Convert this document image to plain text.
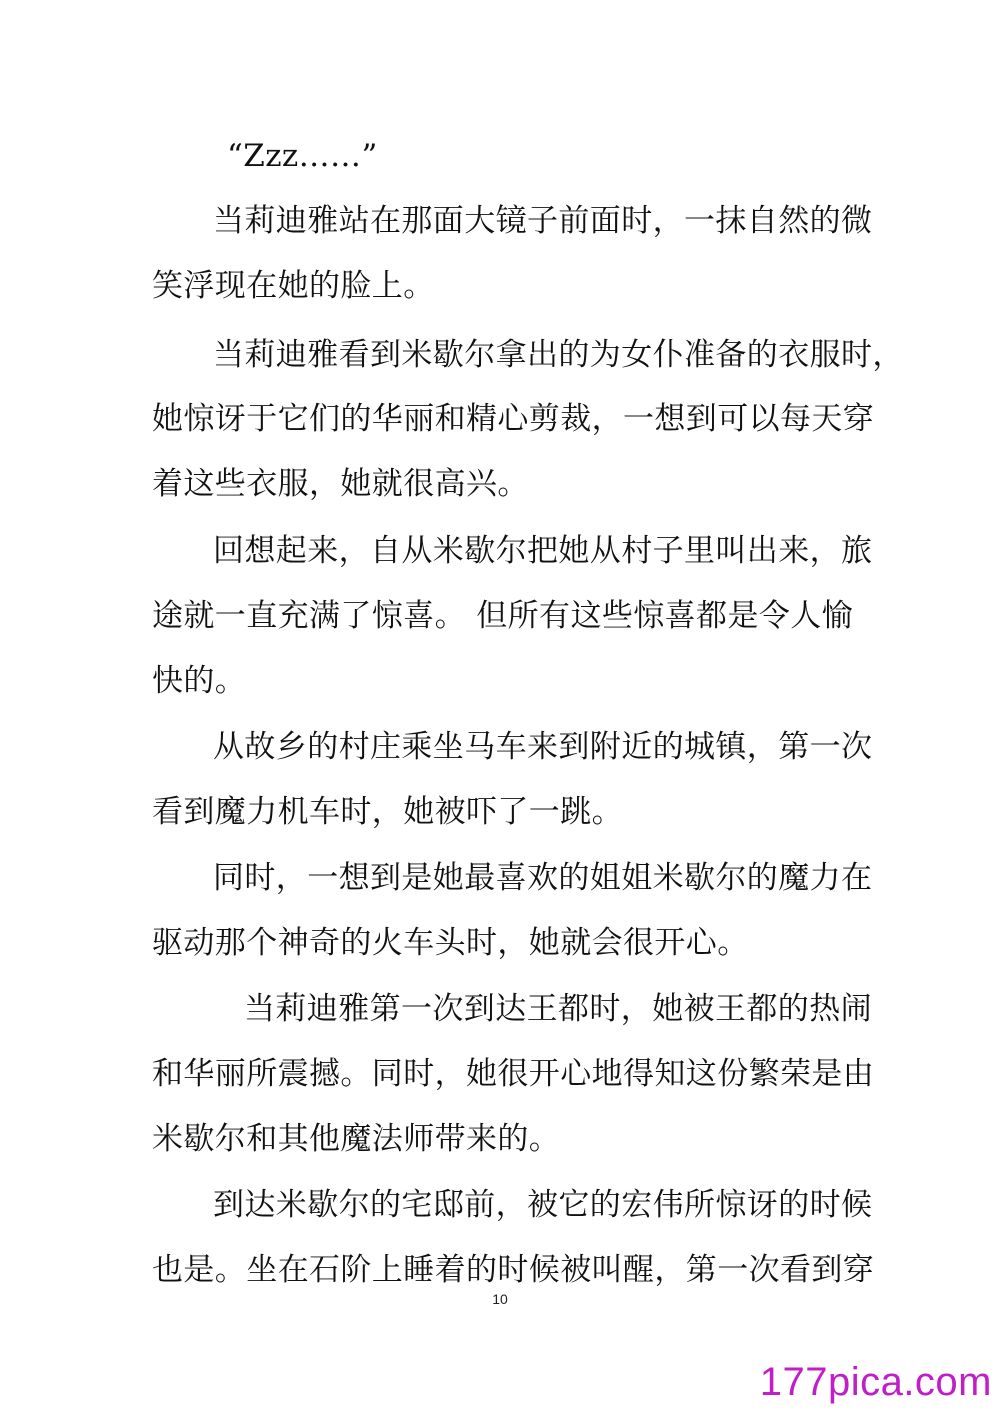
“Zzz……”
当莉迪雅站在那面大镜子前面时，一抹自然的微
笑浮现在她的脸上。
当莉迪雅看到米歇尔拿出的为女仆准备的衣服时，
她惊讶于它们的华丽和精心剪裁，一想到可以每天穿
着这些衣服，她就很高兴。
回想起来，自从米歇尔把她从村子里叫出来，旅
途就一直充满了惊喜。 但所有这些惊喜都是令人愉
快的。
从故乡的村庄乘坐马车来到附近的城镇，第一次
看到魔力机车时，她被吓了一跳。
同时，一想到是她最喜欢的姐姐米歇尔的魔力在
驱动那个神奇的火车头时，她就会很开心。
当莉迪雅第一次到达王都时，她被王都的热闹
和华丽所震撼。同时，她很开心地得知这份繁荣是由
米歇尔和其他魔法师带来的。
到达米歇尔的宅邸前，被它的宏伟所惊讶的时候
也是。坐在石阶上睡着的时候被叫醒，第一次看到穿
10
177pica.com
